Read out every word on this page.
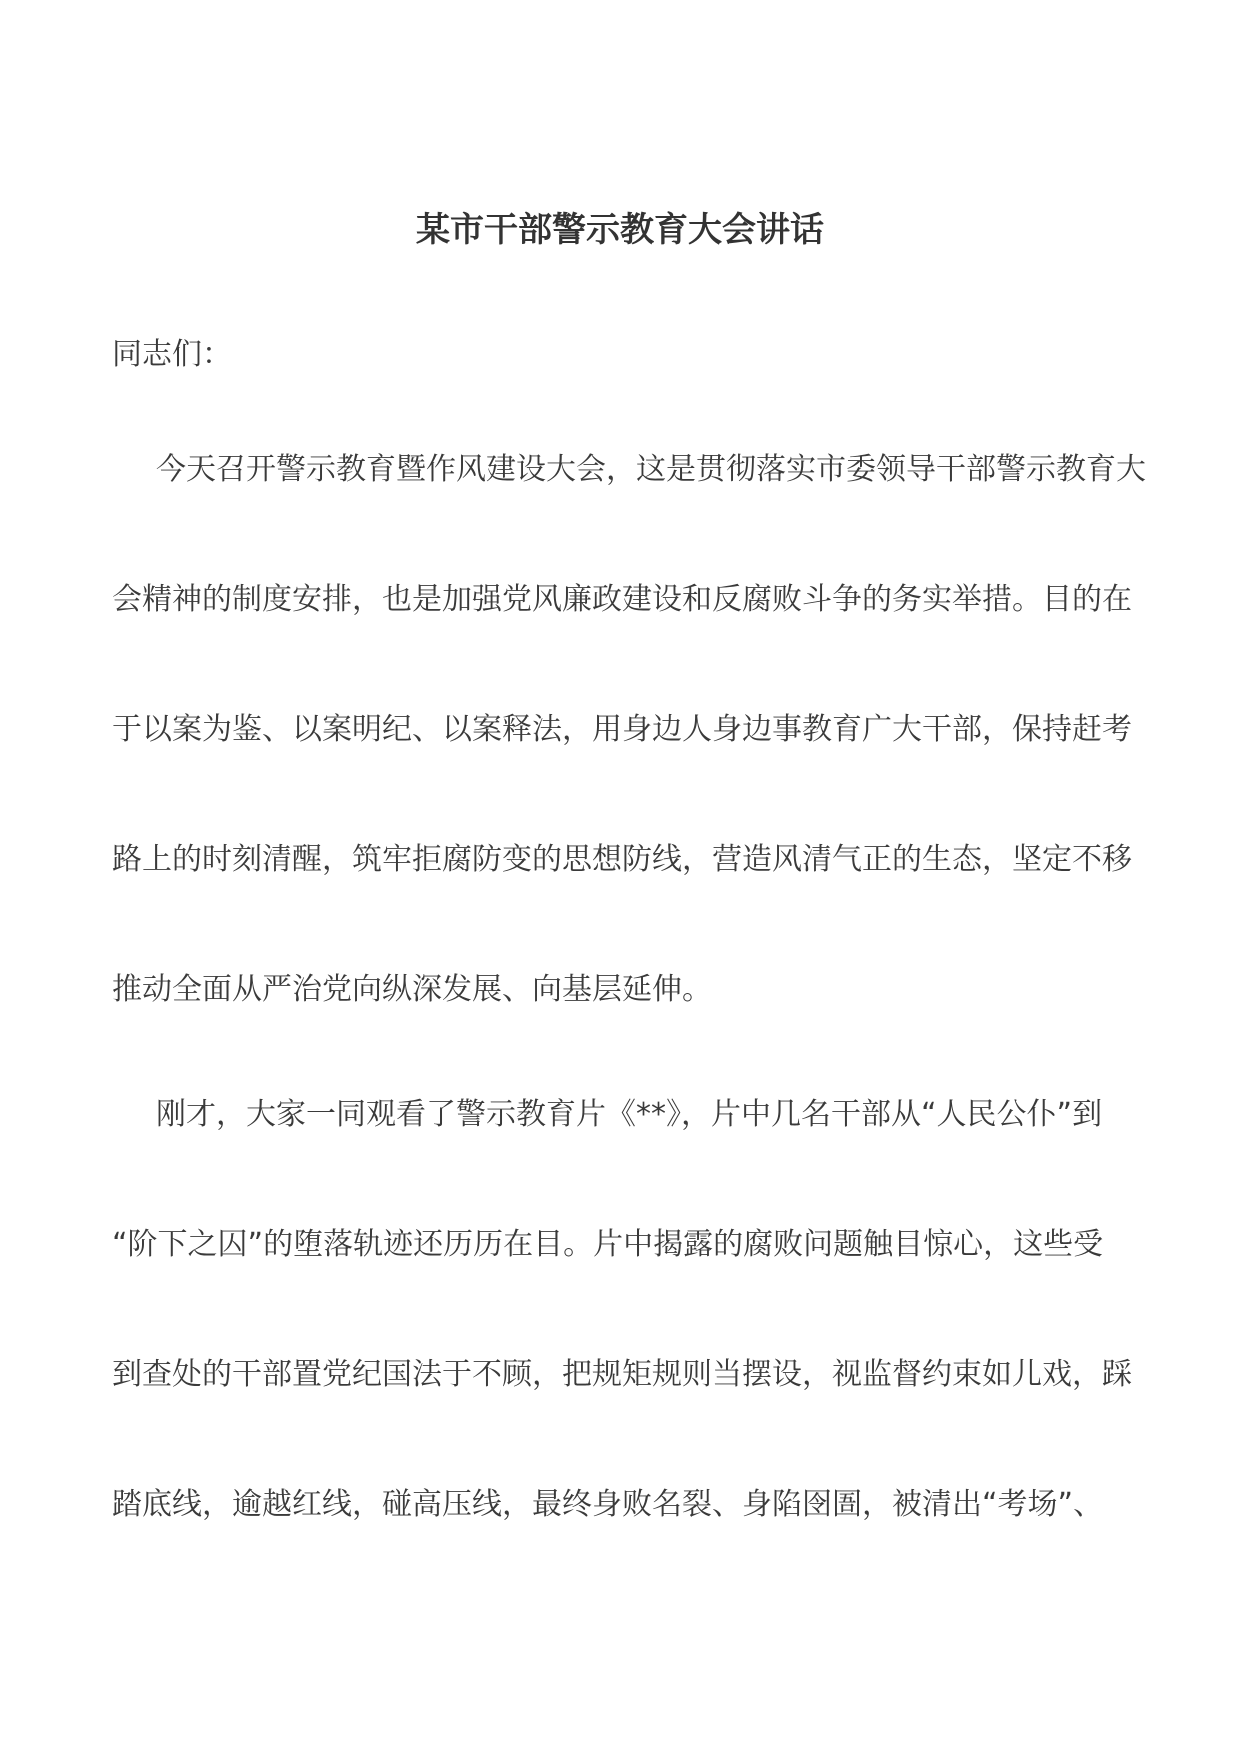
某市干部警示教育大会讲话
同志们：
今天召开警示教育暨作风建设大会，这是贯彻落实市委领导干部警示教育大
会精神的制度安排，也是加强党风廉政建设和反腐败斗争的务实举措。目的在
于以案为鉴、以案明纪、以案释法，用身边人身边事教育广大干部，保持赶考
路上的时刻清醒，筑牢拒腐防变的思想防线，营造风清气正的生态，坚定不移
推动全面从严治党向纵深发展、向基层延伸。
刚才，大家一同观看了警示教育片《**》，片中几名干部从“人民公仆”到
“阶下之囚”的堕落轨迹还历历在目。片中揭露的腐败问题触目惊心，这些受
到查处的干部置党纪国法于不顾，把规矩规则当摆设，视监督约束如儿戏，踩
踏底线，逾越红线，碰高压线，最终身败名裂、身陷囹圄，被清出“考场”、
